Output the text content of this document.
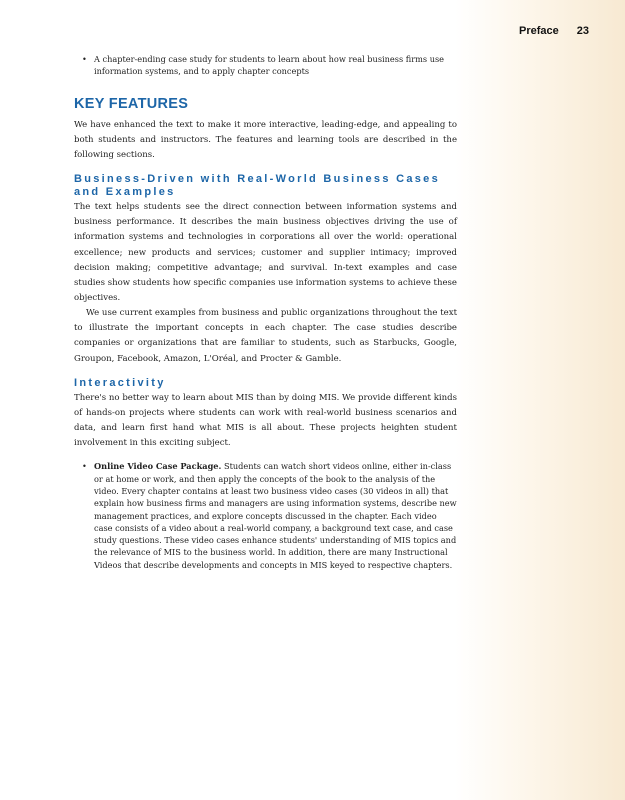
Preface 23
• A chapter-ending case study for students to learn about how real business firms use information systems, and to apply chapter concepts
KEY FEATURES

We have enhanced the text to make it more interactive, leading-edge, and appealing to both students and instructors. The features and learning tools are described in the following sections.

Business-Driven with Real-World Business Cases and Examples

The text helps students see the direct connection between information systems and business performance. It describes the main business objectives driving the use of information systems and technologies in corporations all over the world: operational excellence; new products and services; customer and supplier intimacy; improved decision making; competitive advantage; and survival. In-text examples and case studies show students how specific companies use information systems to achieve these objectives.

We use current examples from business and public organizations throughout the text to illustrate the important concepts in each chapter. The case studies describe companies or organizations that are familiar to students, such as Starbucks, Google, Groupon, Facebook, Amazon, L'Oréal, and Procter & Gamble.

Interactivity

There's no better way to learn about MIS than by doing MIS. We provide different kinds of hands-on projects where students can work with real-world business scenarios and data, and learn first hand what MIS is all about. These projects heighten student involvement in this exciting subject.

• Online Video Case Package. Students can watch short videos online, either in-class or at home or work, and then apply the concepts of the book to the analysis of the video. Every chapter contains at least two business video cases (30 videos in all) that explain how business firms and managers are using information systems, describe new management practices, and explore concepts discussed in the chapter. Each video case consists of a video about a real-world company, a background text case, and case study questions. These video cases enhance students' understanding of MIS topics and the relevance of MIS to the business world. In addition, there are many Instructional Videos that describe developments and concepts in MIS keyed to respective chapters.
